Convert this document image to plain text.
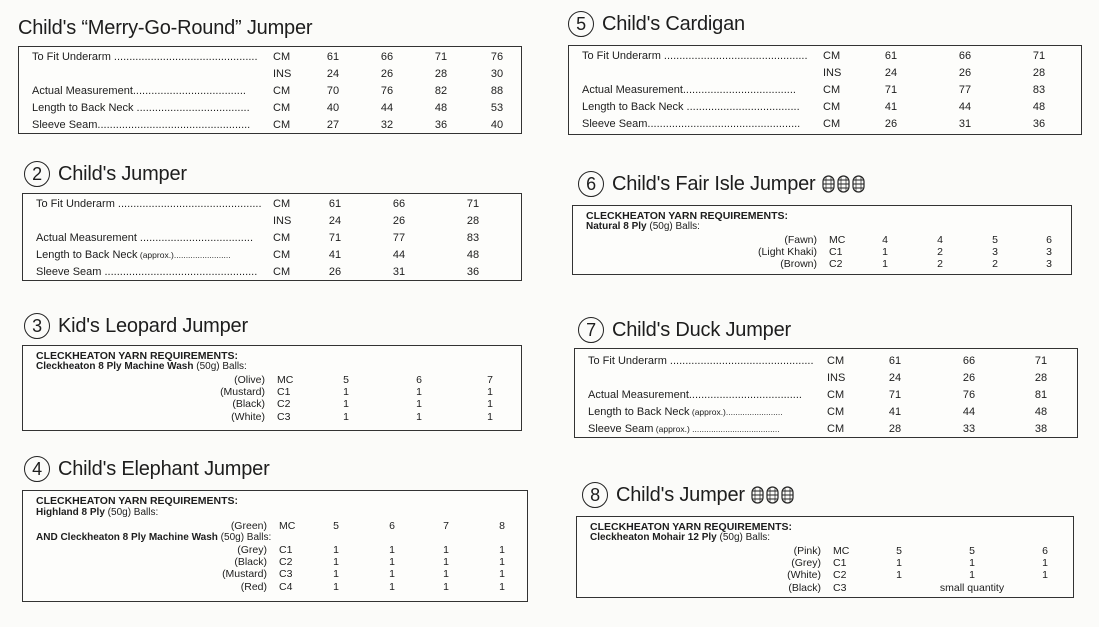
Child's “Merry-Go-Round” Jumper
To Fit Underarm ...............................................	CM	61	66	71	76
INS	24	26	28	30
Actual Measurement.....................................	CM	70	76	82	88
Length to Back Neck .....................................	CM	40	44	48	53
Sleeve Seam..................................................	CM	27	32	36	40
2 Child's Jumper
To Fit Underarm ............................................... CM	61	66	71
INS	24	26	28
Actual Measurement .....................................	CM	71	77	83
Length to Back Neck (approx.)........................	CM	41	44	48
Sleeve Seam ..................................................	CM	26	31	36
3 Kid's Leopard Jumper
CLECKHEATON YARN REQUIREMENTS:
Cleckheaton 8 Ply Machine Wash (50g) Balls:
(Olive) MC	5	6	7
(Mustard) C1	1	1	1
(Black) C2	1	1	1
(White) C3	1	1	1
4 Child's Elephant Jumper
CLECKHEATON YARN REQUIREMENTS:
Highland 8 Ply (50g) Balls:
AND Cleckheaton 8 Ply Machine Wash (50g) Balls:
(Green) MC	5	6	7	8
(Grey) C1	1	1	1	1
(Black) C2	1	1	1	1
(Mustard) C3	1	1	1	1
(Red) C4	1	1	1	1
5 Child's Cardigan
To Fit Underarm ...............................................	CM	61	66	71
INS	24	26	28
Actual Measurement.....................................	CM	71	77	83
Length to Back Neck .....................................	CM	41	44	48
Sleeve Seam..................................................	CM	26	31	36
6 Child's Fair Isle Jumper
CLECKHEATON YARN REQUIREMENTS:
Natural 8 Ply (50g) Balls:
(Fawn) MC	4	4	5	6
(Light Khaki) C1	1	2	3	3
(Brown) C2	1	2	2	3
7 Child's Duck Jumper
To Fit Underarm ...............................................	CM	61	66	71
INS	24	26	28
Actual Measurement.....................................	CM	71	76	81
Length to Back Neck (approx.)........................	CM	41	44	48
Sleeve Seam (approx.) .....................................	CM	28	33	38
8 Child's Jumper
CLECKHEATON YARN REQUIREMENTS:
Cleckheaton Mohair 12 Ply (50g) Balls:
(Pink) MC	5	5	6
(Grey) C1	1	1	1
(White) C2	1	1	1
(Black) C3	small quantity
